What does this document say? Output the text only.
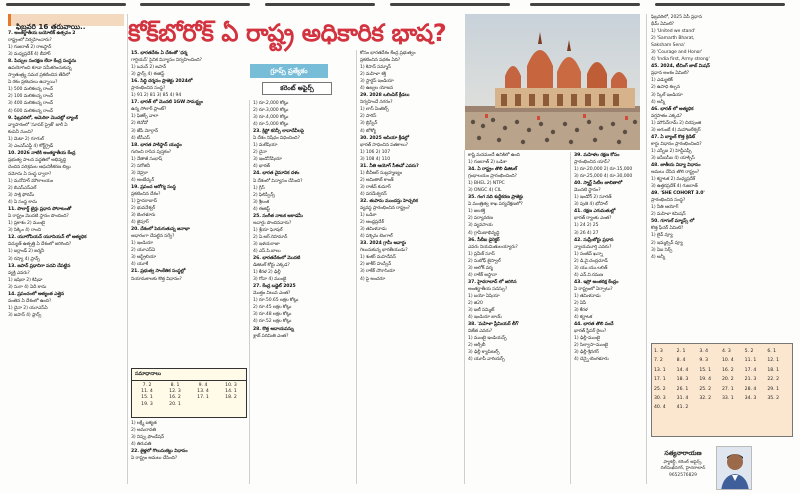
ఫిబ్రవరి 16 తరువాయి..	కోక్‌బోరోక్ ఏ రాష్ట్ర అధికారిక భాష?
7. అంతర్జాతీయ బయోటిక్ ఉత్సవం 2
రాష్ట్రంలో నిర్వహించారు?
1) గుజరాత్ 2) రాజస్థాన్
3) మధ్యప్రదేశ్ 4) బీహార్
8. పిచ్చుల సంరక్షణ లేదా కేంద్ర సంస్థను
ఉపయోగించి కూడా సమీకరించుకున్న
స్వాతంత్ర్య సమర ప్రకటించిన తేదీలో
ఏ రకం ప్రకటనలు ఉన్నాయి?
1) 500 మలికలన్న రాంచ్
2) 100 మలికలన్న రాంచ్
3) 400 మలికలన్న రాంచ్
4) 600 మలికలన్న రాంచ్
9. ఫిబ్రవరిలో, అమెరికా మొదట్లో బ్యాంక్
వ్యాపారంలో 'సూపర్ ప్రైజ్' జారీ ఏ
కంపెనీ నుంచి?
1) మెటా 2) గూగుల్
3) ఎంఎస్‌ఎఫ్టీ 4) కోర్ట్‌గ్రైడ్
10. 2026 నాటికి అంతర్జాతీయ కేంద్ర
ప్రభుత్వ పాలన పద్ధతిలో అభివృద్ధి
చెందిన పరిశ్రమల ఆధునికీకరణ బిల్లు
నమోదు ఏ సంస్థ ద్వారా?
1) మనోహర్ మౌలాలయం
2) బిఎస్ఎన్ఎల్
3) సాక్షి ఫోరమ్
4) ఏ సంస్థ కాదు
11. పొలార్డ్ టైర్లు ప్రధాన పోరాటంతో
ఏ రాష్ట్రం మొదటి స్థానం పొందింది?
1) ప్రకాశం 2) ముంబై
3) సిక్కిం 4) రాంచి
12. యూరోపియన్ యూనియన్ లో అత్యధిక
విద్యుత్ ఉత్పత్తి ఏ దేశంలో జరిగింది?
1) ఐర్లాండ్ 2) జర్మనీ
3) రష్యా 4) ఫ్రాన్స్
13. జపాన్ ప్రధానిగా పదవి చేపట్టిన
వ్యక్తి ఎవరు?
1) ఇషిబా 2) కిషిడా
3) సుగా 4) ఏదీ కాదు
14. ప్రపంచంలో అత్యంత ఎత్తైన
వంతెన ఏ దేశంలో ఉంది?
1) చైనా 2) యూఎస్ఏ
3) జపాన్ 4) ఫ్రాన్స్
15. భారతదేశం ఏ దేశంతో 'ధర్మ
గార్డియన్' సైనిక విన్యాసం నిర్వహించింది?
1) ఒమన్ 2) జపాన్
3) ఫ్రాన్స్ 4) ఈజిప్ట్
16. సిద్ధి దర్శనం ప్రాజెక్టు 2024లో
ప్రారంభించిన సంస్థ?
1) 91 2) 81 3) 85 4) 94
17. భారత్ లో మొదటి 1GW సామర్థ్యం
ఉన్న సోలార్ ప్లాంట్?
1) ఫిజిక్స్ వాలా
2) లెనోవో
3) జేపీ మోర్గాన్
4) టీసీఎస్
18. భారత పాకిస్థాన్ యుద్ధం
గురించి రాసిన పుస్తకం?
1) నేతాజీ సుభాష్
2) సరోజినీ
3) నెహ్రూ
4) అంబేద్కర్
19. ప్రపంచ ఆరోగ్య సంస్థ
ప్రకటించిన దేశం?
1) హైదరాబాద్
2) భువనేశ్వర్
3) బెంగళూరు
4) జైపూర్
20. దేశంలో పెరుగుతున్న జనాభా
ఆధారంగా చేపట్టిన సర్వే?
1) ఇండియా
2) యూఎస్ఏ
3) ఆస్ట్రేలియా
4) యూకే
21. ప్రభుత్వ సాంకేతిక సంస్థల్లో
నియామకాలకు కొత్త విధానం?
గ్రూప్స్ ప్రత్యేకం
కరెంట్ అఫైర్స్
సమాధానాలు
7. 2	8. 1	9. 4	10. 3
11. 4	12. 3	13. 4	14. 1
15. 1	16. 2	17. 1	18. 2
19. 3	20. 1
1) లక్ష్మీ ఐక్యత
2) అమరావతి
3) నిప్పు ఫౌండేషన్
4) తిరుపతి
22. జైళ్లలో గొలుసుకట్టు విధానం
ఏ రాష్ట్రం అమలు చేసింది?
1) రూ.2,000 కోట్లు
2) రూ.3,000 కోట్లు
3) రూ.4,000 కోట్లు
4) రూ.5,000 కోట్లు
23. క్రిప్టో కరెన్సీ లావాదేవీలపై
ఏ దేశం నిషేధం విధించింది?
1) మలేషియా
2) చైనా
3) ఇండోనేషియా
4) భారత్
24. భారత వైమానిక దళం
ఏ దేశంలో విన్యాసం చేసింది?
1) గ్రీస్
2) ఫిలిప్పీన్స్
3) శ్రీలంక
4) ఈజిప్ట్
25. సంగీత నాటక అకాడమీ
అవార్డు పొందినవారు?
1) శ్రేయా ఘోషల్
2) ఏ.ఆర్.రెహమాన్
3) ఇళయరాజా
4) ఎస్.పి.బాలు
26. భారతదేశంలో మొదటి
డిజిటల్ కోర్టు ఎక్కడ?
1) కేరళ 2) ఢిల్లీ
3) గోవా 4) ముంబై
27. కేంద్ర బడ్జెట్ 2025
మొత్తం విలువ ఎంత?
1) రూ.50.65 లక్షల కోట్లు
2) రూ.45 లక్షల కోట్లు
3) రూ.48 లక్షల కోట్లు
4) రూ.52 లక్షల కోట్లు
28. కొత్త ఆదాయపన్ను
శ్లాబ్ పరిమితి ఎంత?
కోసం భారతదేశం కేంద్ర ప్రభుత్వం
ప్రకటించిన పథకం ఏది?
1) కిసాన్ సమ్మాన్
2) మహిళా శక్తి
3) స్టార్టప్ ఇండియా
4) ఉజ్వల యోజన
29. 2028 ఒలింపిక్ క్రీడలు
నిర్వహించే నగరం?
1) లాస్ ఏంజెల్స్
2) పారిస్
3) బ్రిస్బేన్
4) టోక్యో
30. 2025 ఆసియా క్రీడల్లో
భారత్ సాధించిన పతకాలు?
1) 106 2) 107
3) 108 4) 110
31. నీతి ఆయోగ్ సీఈవో ఎవరు?
1) బీవీఆర్ సుబ్రహ్మణ్యం
2) అమితాబ్ కాంత్
3) రాజీవ్ కుమార్
4) పరమేశ్వరన్
32. తుపాను ముందస్తు హెచ్చరిక
వ్యవస్థ ప్రారంభించిన రాష్ట్రం?
1) ఒడిశా
2) ఆంధ్రప్రదేశ్
3) తమిళనాడు
4) పశ్చిమ బెంగాల్
33. 2024 గ్రామీ అవార్డు
గెలుచుకున్న భారతీయుడు?
1) శంకర్ మహదేవన్
2) జాకీర్ హుస్సేన్
3) రాకేశ్ చౌరాసియా
4) పై అందరూ
కాష్టి మనమందే ఉనికిలో ఉంది
1) గుజరాత్ 2) ఒడిశా
34. ఏ రాష్ట్రం తొలి డిజిటల్
గ్రంథాలయం ప్రారంభించింది?
1) BHEL 2) NTPC
3) ONGC 4) CIL
35. గంగ నది శుద్ధీకరణ ప్రాజెక్టు
ఏ మంత్రిత్వ శాఖ పర్యవేక్షణలో?
1) జలశక్తి
2) పర్యావరణ
3) వ్యవసాయ
4) గ్రామీణాభివృద్ధి
36. సీబీఐ డైరెక్టర్
ఎవరు నియమితులయ్యారు?
1) ప్రవీణ్ సూద్
2) సుబోధ్ జైస్వాల్
3) అలోక్ వర్మ
4) రాకేశ్ ఆస్థానా
37. హైదరాబాద్ లో జరిగిన
అంతర్జాతీయ సదస్సు?
1) బయో ఏషియా
2) జి20
3) ఐటీ సమ్మిట్
4) ఇండియా జాయ్
38. 'మహిళా ప్రీమియర్ లీగ్'
విజేత ఎవరు?
1) ముంబై ఇండియన్స్
2) ఆర్సీబీ
3) ఢిల్లీ క్యాపిటల్స్
4) యూపీ వారియర్స్
39. మహిళల రక్షణ కోసం
ప్రారంభించిన యాప్?
1) రూ.20,000 2) రూ.15,000
3) రూ.25,000 4) రూ.30,000
40. స్మార్ట్ సిటీల జాబితాలో
మొదటి స్థానం?
1) ఇండోర్ 2) సూరత్
3) పుణె 4) భోపాల్
41. రక్షణ ఎగుమతుల్లో
భారత్ ర్యాంకు ఎంత?
1) 24 2) 25
3) 26 4) 27
42. సుప్రీంకోర్టు ప్రధాన
న్యాయమూర్తి ఎవరు?
1) సంజీవ్ ఖన్నా
2) డి.వై.చంద్రచూడ్
3) యు.యు.లలిత్
4) ఎన్.వి.రమణ
43. ఇస్రో అంతరిక్ష కేంద్రం
ఏ రాష్ట్రంలో ఏర్పాటు?
1) తమిళనాడు
2) ఏపీ
3) కేరళ
4) కర్ణాటక
44. భారత తొలి వందే
భారత్ స్లీపర్ రైలు?
1) ఢిల్లీ-ముంబై
2) సిల్వాసా-ముంబై
3) ఢిల్లీ-శ్రీనగర్
4) చెన్నై-బెంగళూరు
ఫిబ్రవరిలో, 2025 ఏపీ ప్రధాన
థీమ్ ఏమిటి?
1) 'United we stand'
2) 'Samarth Bharat,
Saksham Sena'
3) 'Courage and Honor'
4) 'India first, Army strong'
45. 2024, టీచింగ్ జాబ్ మిషన్
ప్రధాన అంశం ఏమిటి?
1) ఎడ్యుటెక్
2) ఉపాధి కల్పన
3) స్కిల్ ఇండియా
4) అన్నీ
46. భారత్ లో అత్యధిక
వర్షపాతం ఎక్కడ?
1) మౌసిన్‌రామ్ 2) చిరపుంజి
3) అగుంబే 4) మహాబలేశ్వర్
47. ఏ బ్యాంక్ కొత్త క్రెడిట్
కార్డు విధానం ప్రారంభించింది?
1) ఎస్బీఐ 2) హెచ్డీఎఫ్సీ
3) ఐసీఐసీఐ 4) యాక్సిస్
48. జాతీయ విద్యా విధానం
అమలు చేసిన తొలి రాష్ట్రం?
1) కర్ణాటక 2) మధ్యప్రదేశ్
3) ఉత్తరప్రదేశ్ 4) గుజరాత్
49. 'SHE COHORT 3.0'
ప్రారంభించిన సంస్థ?
1) నీతి ఆయోగ్
2) మహిళా కమిషన్
50. గూగుల్ మ్యాప్స్ లో
కొత్త ఫీచర్ ఏమిటి?
1) లైవ్ వ్యూ
2) ఇమ్మర్సివ్ వ్యూ
3) ఏఐ సెర్చ్
4) అన్నీ
1. 3	2. 1	3. 4	4. 3	5. 2	6. 1
7. 2	8. 4	9. 3	10. 4	11. 1	12. 1
13. 1	14. 4	15. 1	16. 2	17. 4	18. 1
17. 1	18. 3	19. 4	20. 2	21. 3	22. 2
25. 2	26. 1	25. 2	27. 1	28. 4	29. 1
30. 3	31. 4	32. 2	33. 1	34. 3	35. 2
40. 4	41. 2
సత్యనారాయణ
ఫ్యాకల్టీ, కరెంట్ అఫైర్స్,
దిల్‌సుఖ్‌నగర్, హైదరాబాద్
9652576829
